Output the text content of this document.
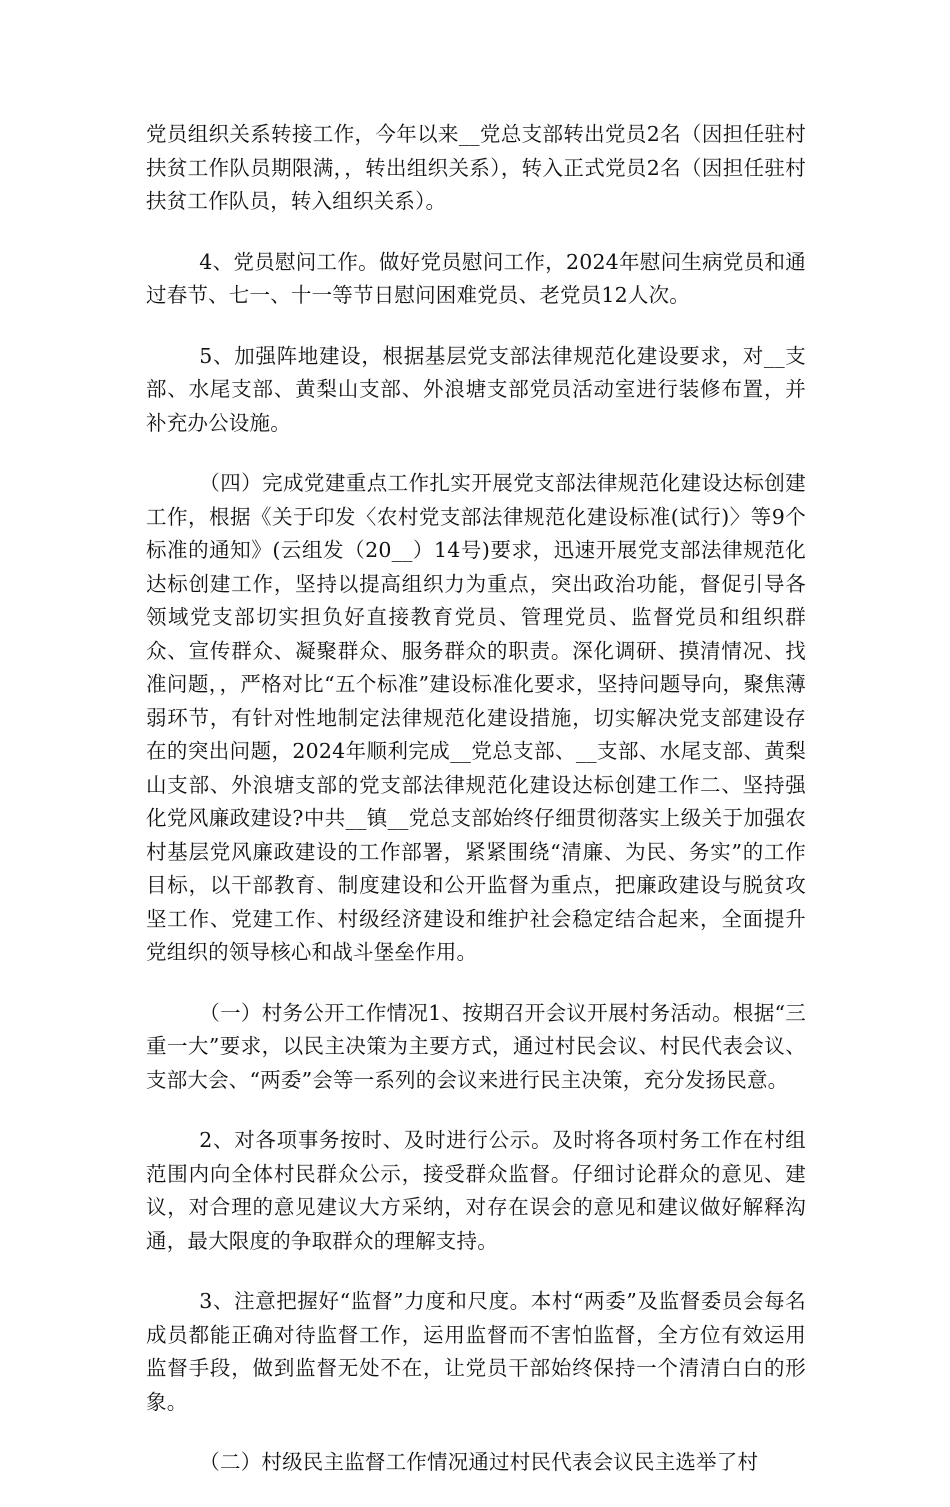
党员组织关系转接工作，今年以来__党总支部转出党员2名（因担任驻村扶贫工作队员期限满，，转出组织关系），转入正式党员2名（因担任驻村扶贫工作队员，转入组织关系）。

4、党员慰问工作。做好党员慰问工作，2024年慰问生病党员和通过春节、七一、十一等节日慰问困难党员、老党员12人次。

5、加强阵地建设，根据基层党支部法律规范化建设要求，对__支部、水尾支部、黄梨山支部、外浪塘支部党员活动室进行装修布置，并补充办公设施。

（四）完成党建重点工作扎实开展党支部法律规范化建设达标创建工作，根据《关于印发〈农村党支部法律规范化建设标准(试行)〉等9个标准的通知》(云组发（20__）14号)要求，迅速开展党支部法律规范化达标创建工作，坚持以提高组织力为重点，突出政治功能，督促引导各领域党支部切实担负好直接教育党员、管理党员、监督党员和组织群众、宣传群众、凝聚群众、服务群众的职责。深化调研、摸清情况、找准问题，，严格对比“五个标准”建设标准化要求，坚持问题导向，聚焦薄弱环节，有针对性地制定法律规范化建设措施，切实解决党支部建设存在的突出问题，2024年顺利完成__党总支部、__支部、水尾支部、黄梨山支部、外浪塘支部的党支部法律规范化建设达标创建工作二、坚持强化党风廉政建设?中共__镇__党总支部始终仔细贯彻落实上级关于加强农村基层党风廉政建设的工作部署，紧紧围绕“清廉、为民、务实”的工作目标，以干部教育、制度建设和公开监督为重点，把廉政建设与脱贫攻坚工作、党建工作、村级经济建设和维护社会稳定结合起来，全面提升党组织的领导核心和战斗堡垒作用。

（一）村务公开工作情况1、按期召开会议开展村务活动。根据“三重一大”要求，以民主决策为主要方式，通过村民会议、村民代表会议、支部大会、“两委”会等一系列的会议来进行民主决策，充分发扬民意。

2、对各项事务按时、及时进行公示。及时将各项村务工作在村组范围内向全体村民群众公示，接受群众监督。仔细讨论群众的意见、建议，对合理的意见建议大方采纳，对存在误会的意见和建议做好解释沟通，最大限度的争取群众的理解支持。

3、注意把握好“监督”力度和尺度。本村“两委”及监督委员会每名成员都能正确对待监督工作，运用监督而不害怕监督，全方位有效运用监督手段，做到监督无处不在，让党员干部始终保持一个清清白白的形象。

（二）村级民主监督工作情况通过村民代表会议民主选举了村
